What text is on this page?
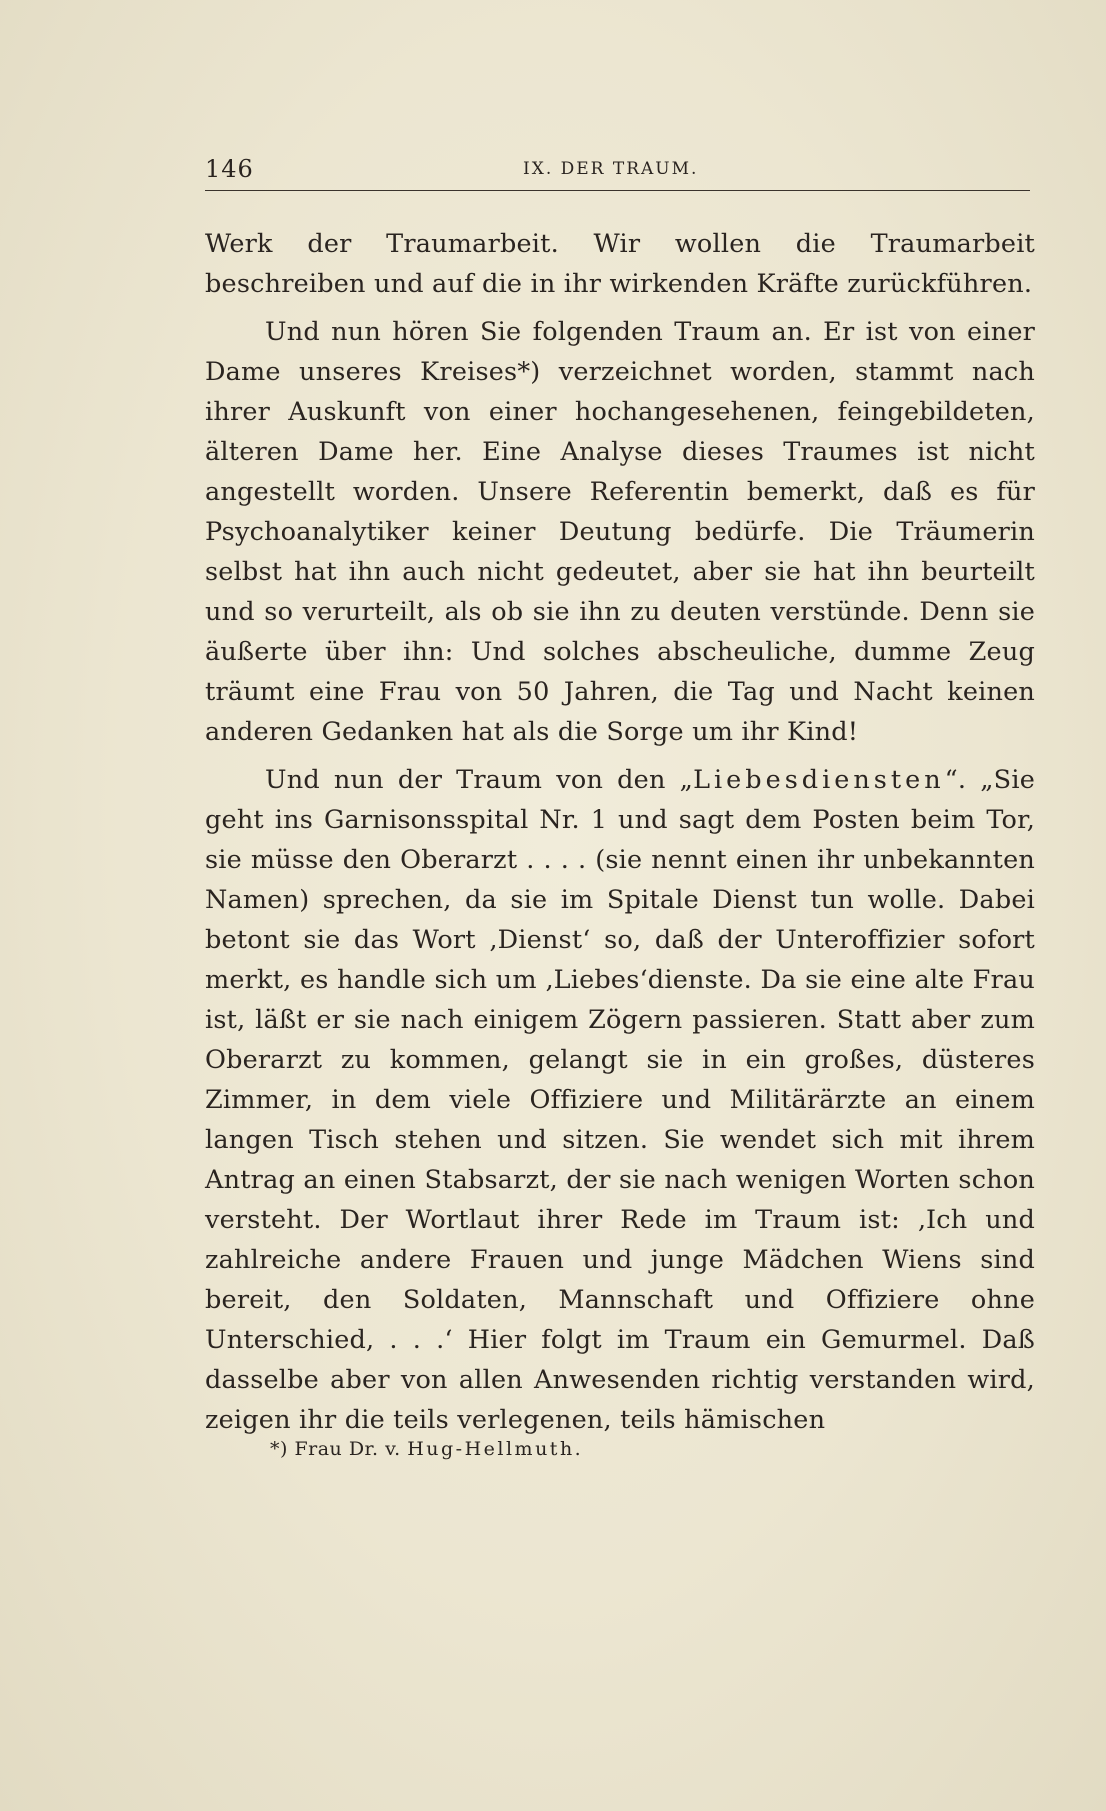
146	IX. DER TRAUM.

Werk der Traumarbeit. Wir wollen die Traumarbeit beschreiben und auf die in ihr wirkenden Kräfte zurückführen.

Und nun hören Sie folgenden Traum an. Er ist von einer Dame unseres Kreises*) verzeichnet worden, stammt nach ihrer Auskunft von einer hochangesehenen, feingebildeten, älteren Dame her. Eine Analyse dieses Traumes ist nicht angestellt worden. Unsere Referentin bemerkt, daß es für Psychoanalytiker keiner Deutung bedürfe. Die Träumerin selbst hat ihn auch nicht gedeutet, aber sie hat ihn beurteilt und so verurteilt, als ob sie ihn zu deuten verstünde. Denn sie äußerte über ihn: Und solches abscheuliche, dumme Zeug träumt eine Frau von 50 Jahren, die Tag und Nacht keinen anderen Gedanken hat als die Sorge um ihr Kind!

Und nun der Traum von den „Liebesdiensten“. „Sie geht ins Garnisonsspital Nr. 1 und sagt dem Posten beim Tor, sie müsse den Oberarzt . . . . (sie nennt einen ihr unbekannten Namen) sprechen, da sie im Spitale Dienst tun wolle. Dabei betont sie das Wort ‚Dienst‘ so, daß der Unteroffizier sofort merkt, es handle sich um ‚Liebes‘dienste. Da sie eine alte Frau ist, läßt er sie nach einigem Zögern passieren. Statt aber zum Oberarzt zu kommen, gelangt sie in ein großes, düsteres Zimmer, in dem viele Offiziere und Militärärzte an einem langen Tisch stehen und sitzen. Sie wendet sich mit ihrem Antrag an einen Stabsarzt, der sie nach wenigen Worten schon versteht. Der Wortlaut ihrer Rede im Traum ist: ‚Ich und zahlreiche andere Frauen und junge Mädchen Wiens sind bereit, den Soldaten, Mannschaft und Offiziere ohne Unterschied, . . .‘ Hier folgt im Traum ein Gemurmel. Daß dasselbe aber von allen Anwesenden richtig verstanden wird, zeigen ihr die teils verlegenen, teils hämischen

*) Frau Dr. v. Hug-Hellmuth.
